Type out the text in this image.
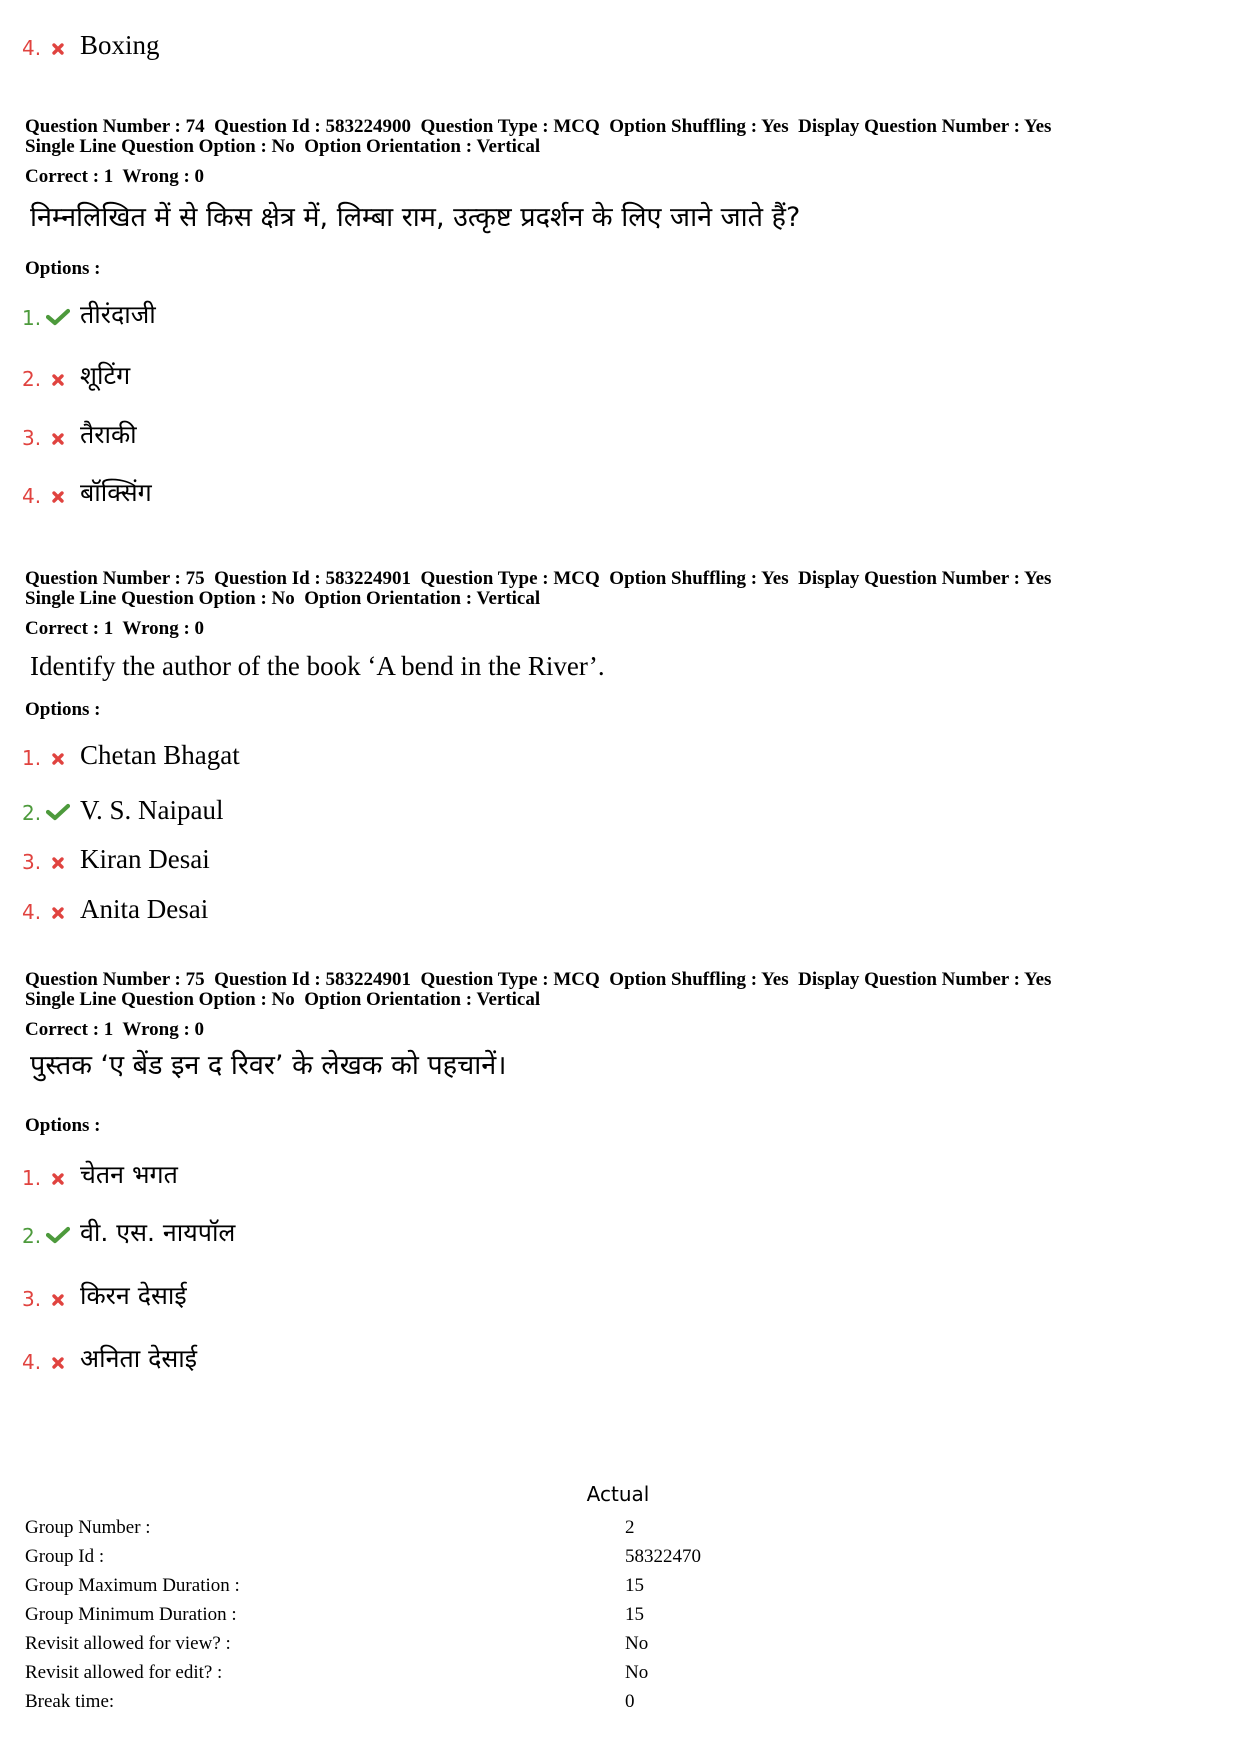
4. Boxing
Question Number : 74  Question Id : 583224900  Question Type : MCQ  Option Shuffling : Yes  Display Question Number : Yes
Single Line Question Option : No  Option Orientation : Vertical
Correct : 1  Wrong : 0
निम्नलिखित में से किस क्षेत्र में, लिम्बा राम, उत्कृष्ट प्रदर्शन के लिए जाने जाते हैं?
Options :
1. तीरंदाजी
2. शूटिंग
3. तैराकी
4. बॉक्सिंग
Question Number : 75  Question Id : 583224901  Question Type : MCQ  Option Shuffling : Yes  Display Question Number : Yes
Single Line Question Option : No  Option Orientation : Vertical
Correct : 1  Wrong : 0
Identify the author of the book ‘A bend in the River’.
Options :
1. Chetan Bhagat
2. V. S. Naipaul
3. Kiran Desai
4. Anita Desai
Question Number : 75  Question Id : 583224901  Question Type : MCQ  Option Shuffling : Yes  Display Question Number : Yes
Single Line Question Option : No  Option Orientation : Vertical
Correct : 1  Wrong : 0
पुस्तक ‘ए बेंड इन द रिवर’ के लेखक को पहचानें।
Options :
1. चेतन भगत
2. वी. एस. नायपॉल
3. किरन देसाई
4. अनिता देसाई
Actual
Group Number :	2
Group Id :	58322470
Group Maximum Duration :	15
Group Minimum Duration :	15
Revisit allowed for view? :	No
Revisit allowed for edit? :	No
Break time:	0
